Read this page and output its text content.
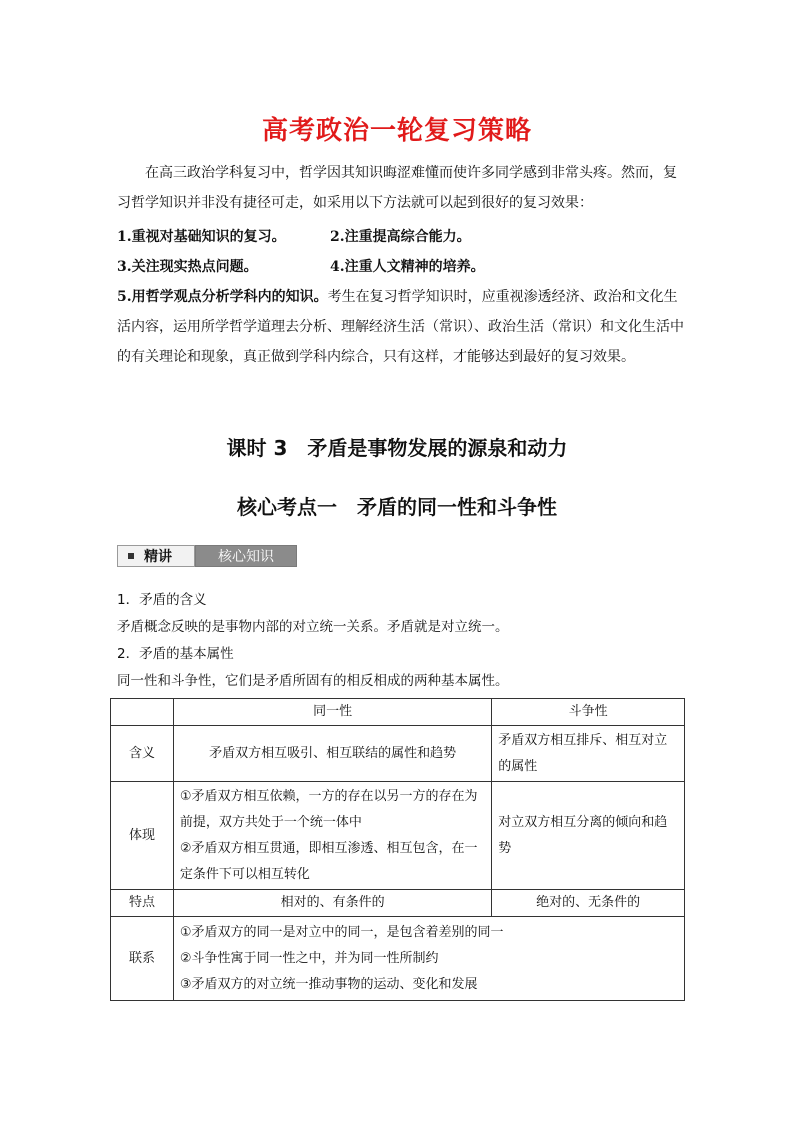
高考政治一轮复习策略
在高三政治学科复习中，哲学因其知识晦涩难懂而使许多同学感到非常头疼。然而，复习哲学知识并非没有捷径可走，如采用以下方法就可以起到很好的复习效果：
1.重视对基础知识的复习。	2.注重提高综合能力。
3.关注现实热点问题。	4.注重人文精神的培养。
5.用哲学观点分析学科内的知识。考生在复习哲学知识时，应重视渗透经济、政治和文化生活内容，运用所学哲学道理去分析、理解经济生活（常识）、政治生活（常识）和文化生活中的有关理论和现象，真正做到学科内综合，只有这样，才能够达到最好的复习效果。
课时 3　矛盾是事物发展的源泉和动力
核心考点一　矛盾的同一性和斗争性
精讲	核心知识
1．矛盾的含义
矛盾概念反映的是事物内部的对立统一关系。矛盾就是对立统一。
2．矛盾的基本属性
同一性和斗争性，它们是矛盾所固有的相反相成的两种基本属性。
	同一性	斗争性
含义	矛盾双方相互吸引、相互联结的属性和趋势	矛盾双方相互排斥、相互对立的属性
体现	①矛盾双方相互依赖，一方的存在以另一方的存在为前提，双方共处于一个统一体中
②矛盾双方相互贯通，即相互渗透、相互包含，在一定条件下可以相互转化	对立双方相互分离的倾向和趋势
特点	相对的、有条件的	绝对的、无条件的
联系	①矛盾双方的同一是对立中的同一，是包含着差别的同一
②斗争性寓于同一性之中，并为同一性所制约
③矛盾双方的对立统一推动事物的运动、变化和发展	
